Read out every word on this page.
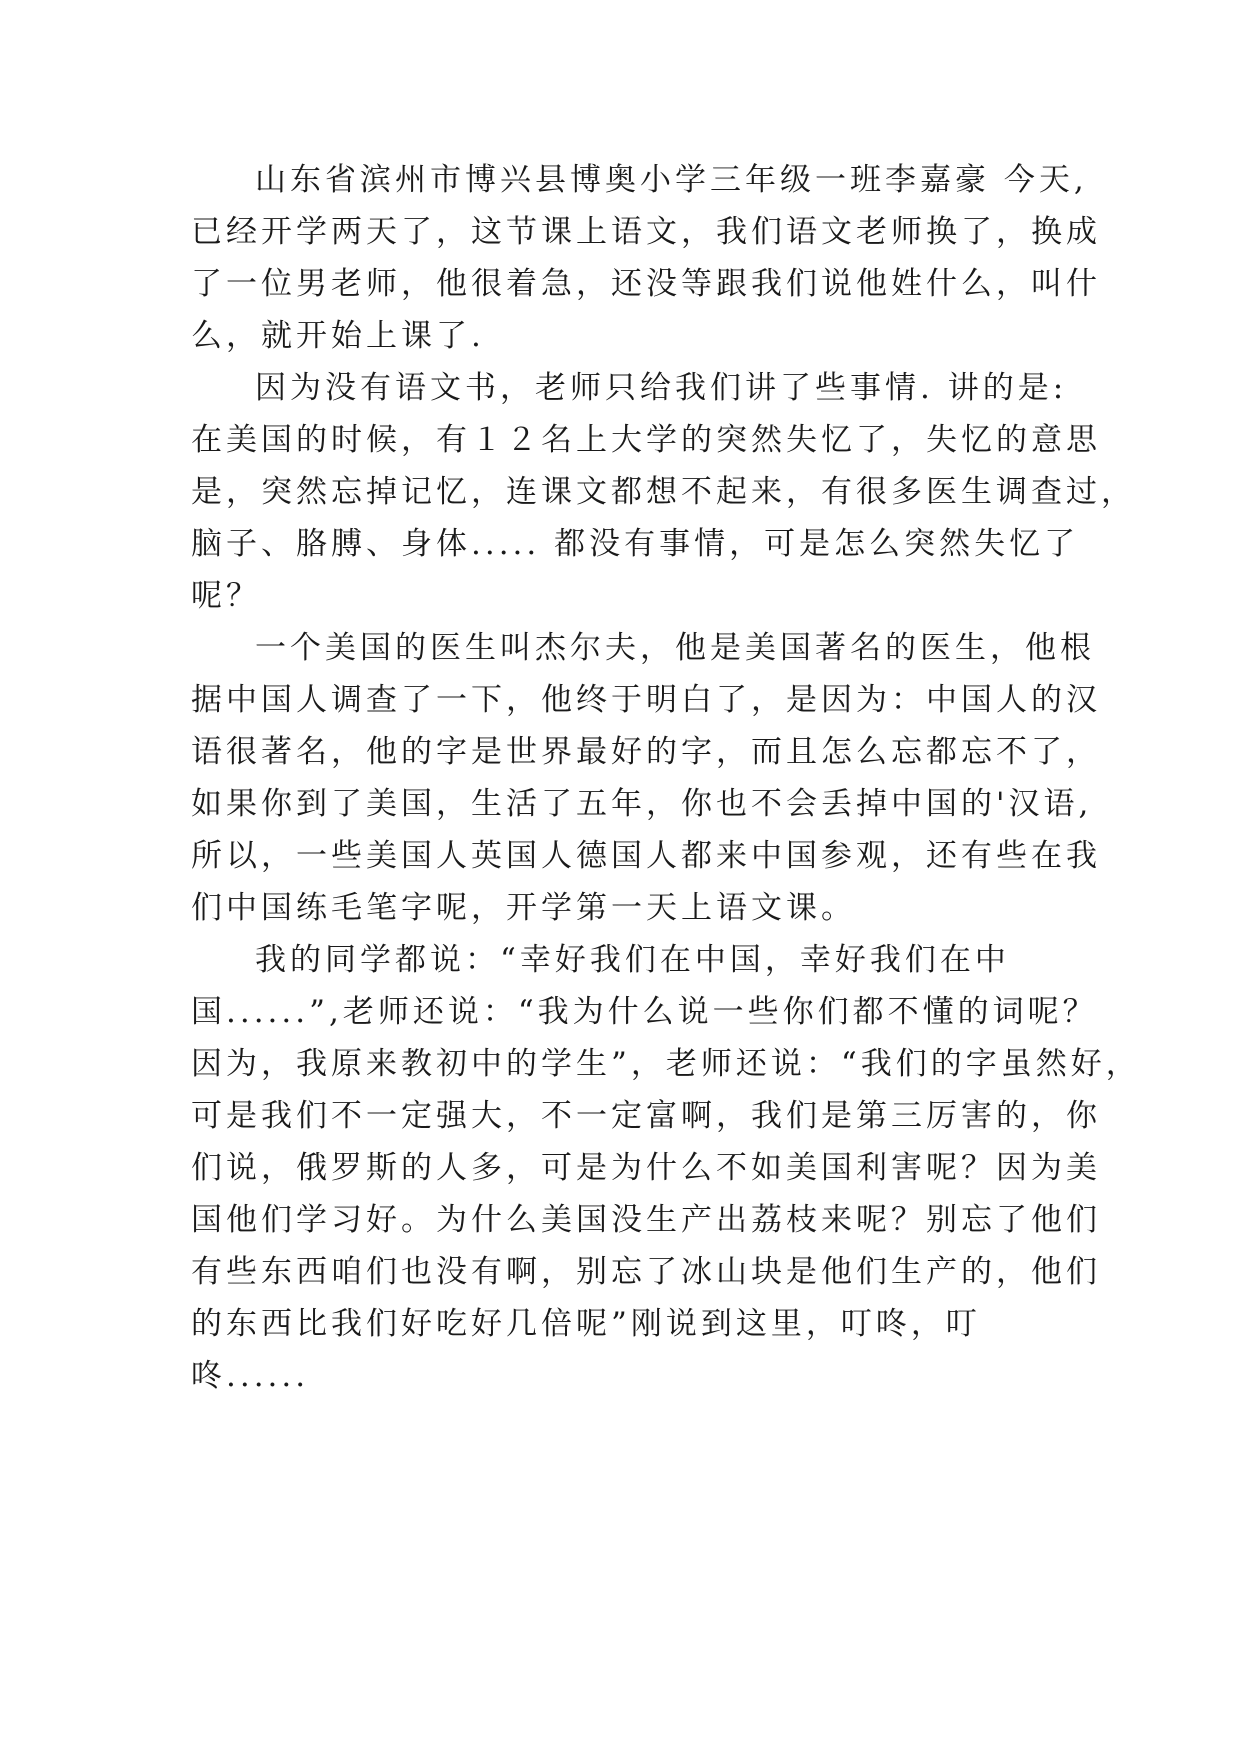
山东省滨州市博兴县博奥小学三年级一班李嘉豪 今天,
已经开学两天了，这节课上语文，我们语文老师换了，换成
了一位男老师，他很着急，还没等跟我们说他姓什么，叫什
么，就开始上课了.
因为没有语文书，老师只给我们讲了些事情. 讲的是:
在美国的时候，有１２名上大学的突然失忆了，失忆的意思
是，突然忘掉记忆，连课文都想不起来，有很多医生调查过，
脑子、胳膊、身体..... 都没有事情，可是怎么突然失忆了
呢？
一个美国的医生叫杰尔夫，他是美国著名的医生，他根
据中国人调查了一下，他终于明白了，是因为：中国人的汉
语很著名，他的字是世界最好的字，而且怎么忘都忘不了，
如果你到了美国，生活了五年，你也不会丢掉中国的'汉语,
所以，一些美国人英国人德国人都来中国参观，还有些在我
们中国练毛笔字呢，开学第一天上语文课。
我的同学都说：“幸好我们在中国，幸好我们在中
国......”,老师还说：“我为什么说一些你们都不懂的词呢？
因为，我原来教初中的学生”，老师还说：“我们的字虽然好，
可是我们不一定强大，不一定富啊，我们是第三厉害的，你
们说，俄罗斯的人多，可是为什么不如美国利害呢？因为美
国他们学习好。为什么美国没生产出荔枝来呢？别忘了他们
有些东西咱们也没有啊，别忘了冰山块是他们生产的，他们
的东西比我们好吃好几倍呢”刚说到这里，叮咚，叮
咚......
